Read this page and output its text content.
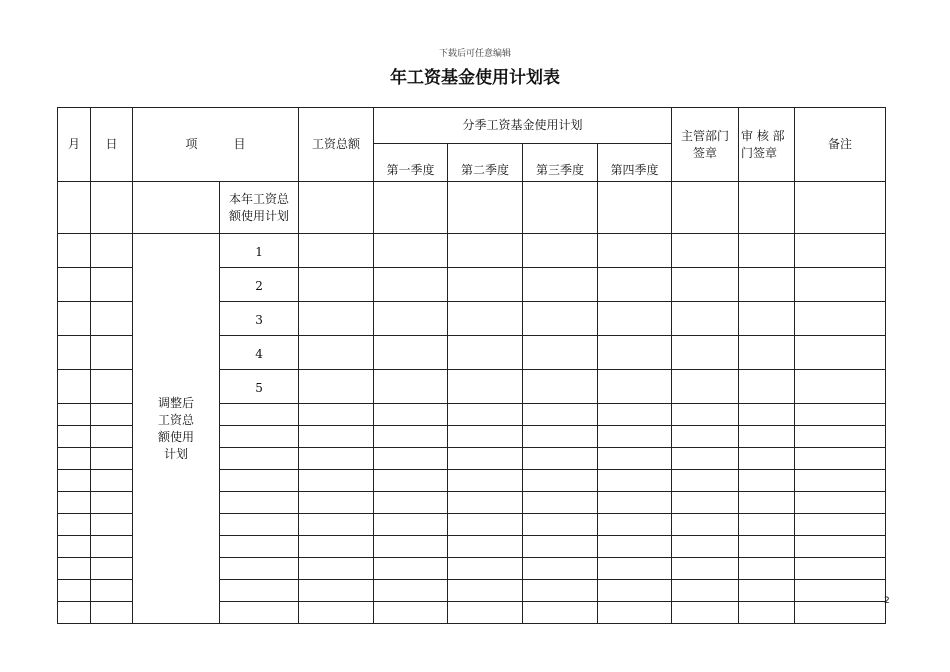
下载后可任意编辑
年工资基金使用计划表
月	日	项　　　目		工资总额	分季工资基金使用计划				主管部门签章	审 核 部门签章	备注
					第一季度	第二季度	第三季度	第四季度			
			本年工资总额使用计划								
		调整后工资总额使用计划	1								
			2								
			3								
			4								
			5								

2
